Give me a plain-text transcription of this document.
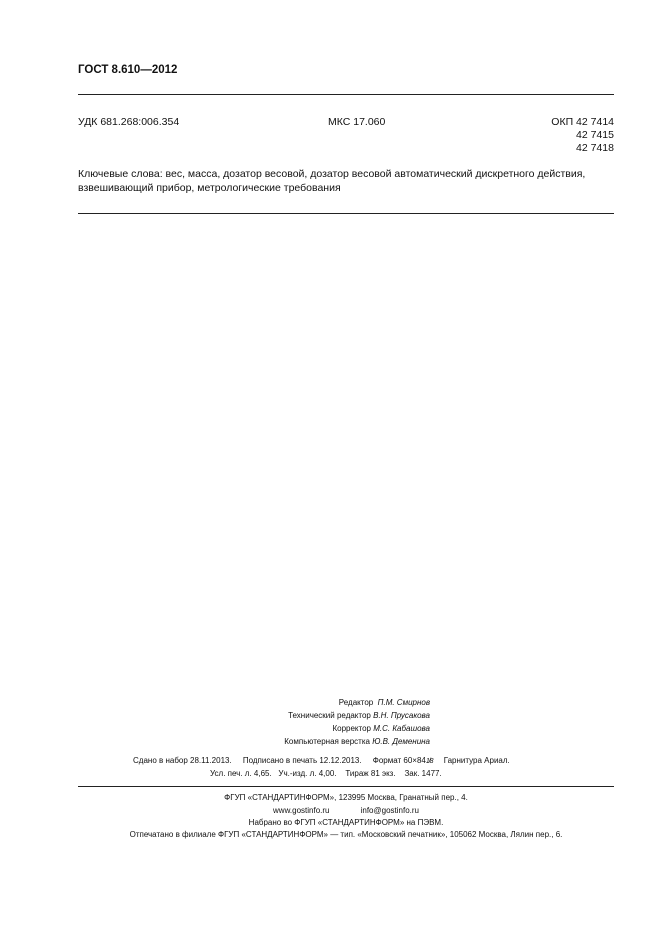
ГОСТ 8.610—2012
УДК 681.268:006.354	МКС 17.060	ОКП 42 7414
42 7415
42 7418
Ключевые слова: вес, масса, дозатор весовой, дозатор весовой автоматический дискретного действия, взвешивающий прибор, метрологические требования
Редактор П.М. Смирнов
Технический редактор В.Н. Прусакова
Корректор М.С. Кабашова
Компьютерная верстка Ю.В. Деменина
Сдано в набор 28.11.2013. Подписано в печать 12.12.2013. Формат 60×841/8 Гарнитура Ариал.
Усл. печ. л. 4,65. Уч.-изд. л. 4,00. Тираж 81 экз. Зак. 1477.
ФГУП «СТАНДАРТИНФОРМ», 123995 Москва, Гранатный пер., 4.
www.gostinfo.ru	info@gostinfo.ru
Набрано во ФГУП «СТАНДАРТИНФОРМ» на ПЭВМ.
Отпечатано в филиале ФГУП «СТАНДАРТИНФОРМ» — тип. «Московский печатник», 105062 Москва, Лялин пер., 6.
